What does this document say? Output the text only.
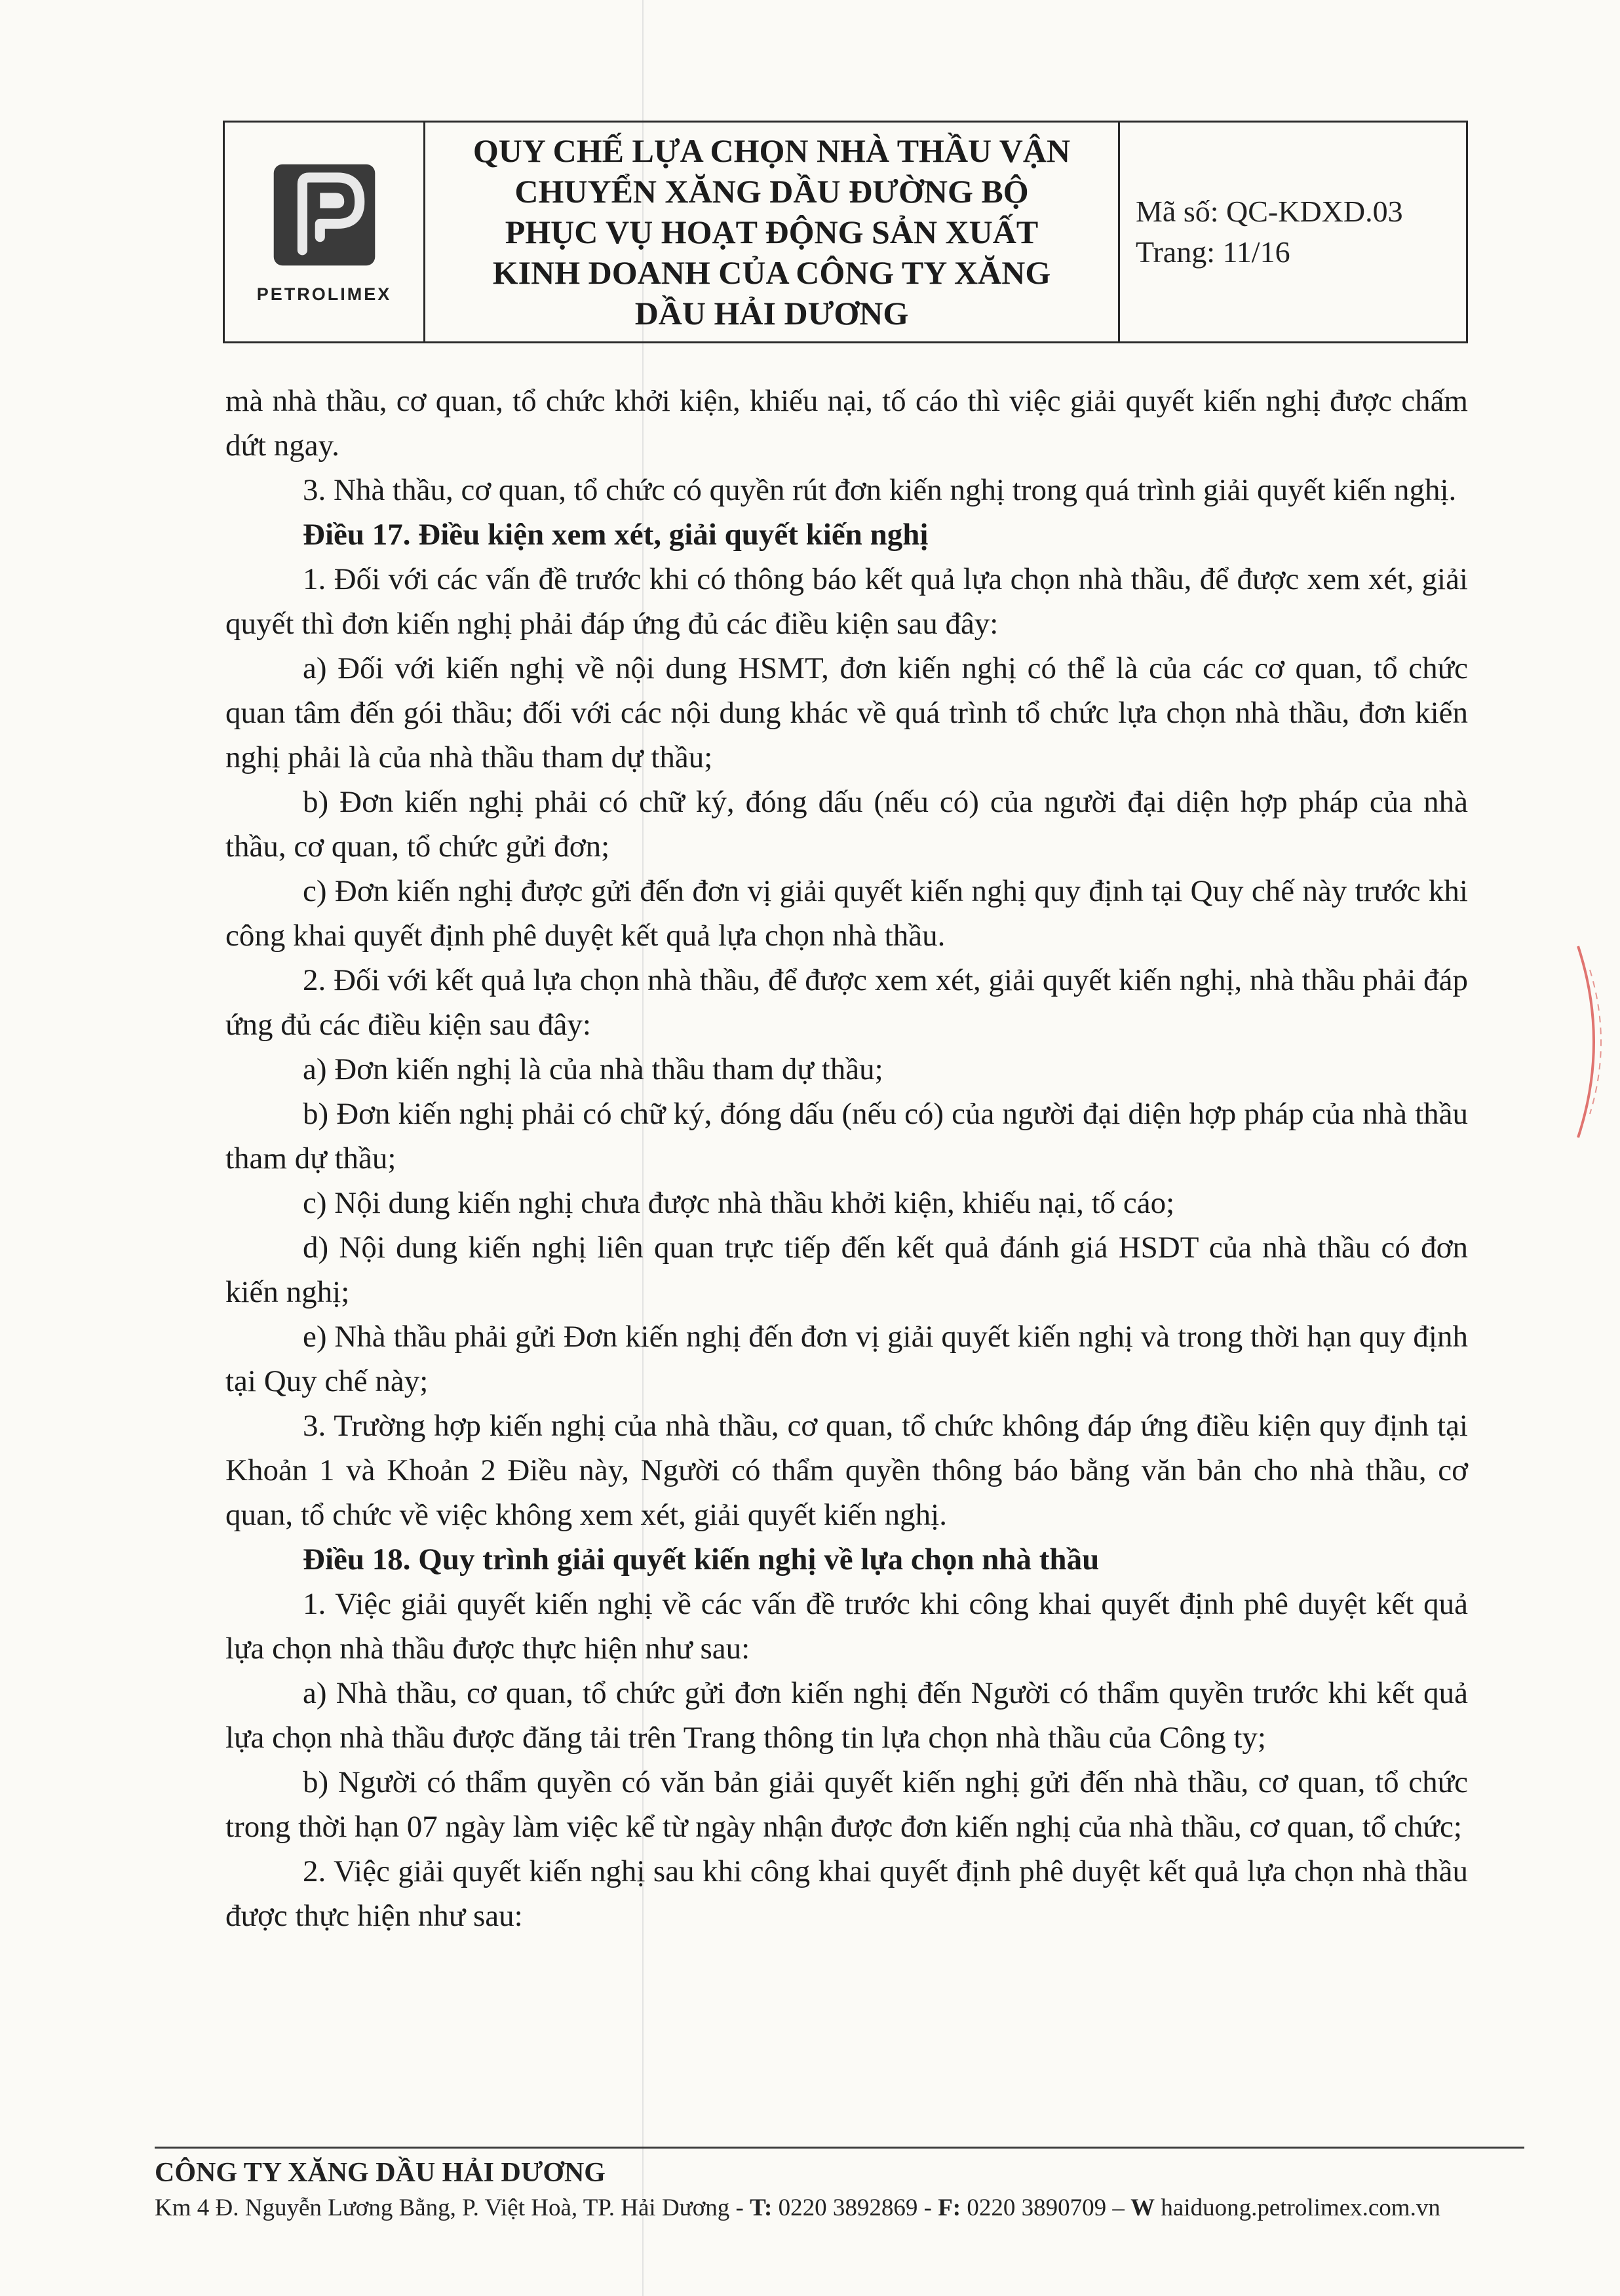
PETROLIMEX
QUY CHẾ LỰA CHỌN NHÀ THẦU VẬN
CHUYỂN XĂNG DẦU ĐƯỜNG BỘ
PHỤC VỤ HOẠT ĐỘNG SẢN XUẤT
KINH DOANH CỦA CÔNG TY XĂNG
DẦU HẢI DƯƠNG
Mã số: QC-KDXD.03
Trang: 11/16

mà nhà thầu, cơ quan, tổ chức khởi kiện, khiếu nại, tố cáo thì việc giải quyết kiến nghị được chấm dứt ngay.

3. Nhà thầu, cơ quan, tổ chức có quyền rút đơn kiến nghị trong quá trình giải quyết kiến nghị.

Điều 17. Điều kiện xem xét, giải quyết kiến nghị

1. Đối với các vấn đề trước khi có thông báo kết quả lựa chọn nhà thầu, để được xem xét, giải quyết thì đơn kiến nghị phải đáp ứng đủ các điều kiện sau đây:

a) Đối với kiến nghị về nội dung HSMT, đơn kiến nghị có thể là của các cơ quan, tổ chức quan tâm đến gói thầu; đối với các nội dung khác về quá trình tổ chức lựa chọn nhà thầu, đơn kiến nghị phải là của nhà thầu tham dự thầu;

b) Đơn kiến nghị phải có chữ ký, đóng dấu (nếu có) của người đại diện hợp pháp của nhà thầu, cơ quan, tổ chức gửi đơn;

c) Đơn kiến nghị được gửi đến đơn vị giải quyết kiến nghị quy định tại Quy chế này trước khi công khai quyết định phê duyệt kết quả lựa chọn nhà thầu.

2. Đối với kết quả lựa chọn nhà thầu, để được xem xét, giải quyết kiến nghị, nhà thầu phải đáp ứng đủ các điều kiện sau đây:

a) Đơn kiến nghị là của nhà thầu tham dự thầu;

b) Đơn kiến nghị phải có chữ ký, đóng dấu (nếu có) của người đại diện hợp pháp của nhà thầu tham dự thầu;

c) Nội dung kiến nghị chưa được nhà thầu khởi kiện, khiếu nại, tố cáo;

d) Nội dung kiến nghị liên quan trực tiếp đến kết quả đánh giá HSDT của nhà thầu có đơn kiến nghị;

e) Nhà thầu phải gửi Đơn kiến nghị đến đơn vị giải quyết kiến nghị và trong thời hạn quy định tại Quy chế này;

3. Trường hợp kiến nghị của nhà thầu, cơ quan, tổ chức không đáp ứng điều kiện quy định tại Khoản 1 và Khoản 2 Điều này, Người có thẩm quyền thông báo bằng văn bản cho nhà thầu, cơ quan, tổ chức về việc không xem xét, giải quyết kiến nghị.

Điều 18. Quy trình giải quyết kiến nghị về lựa chọn nhà thầu

1. Việc giải quyết kiến nghị về các vấn đề trước khi công khai quyết định phê duyệt kết quả lựa chọn nhà thầu được thực hiện như sau:

a) Nhà thầu, cơ quan, tổ chức gửi đơn kiến nghị đến Người có thẩm quyền trước khi kết quả lựa chọn nhà thầu được đăng tải trên Trang thông tin lựa chọn nhà thầu của Công ty;

b) Người có thẩm quyền có văn bản giải quyết kiến nghị gửi đến nhà thầu, cơ quan, tổ chức trong thời hạn 07 ngày làm việc kể từ ngày nhận được đơn kiến nghị của nhà thầu, cơ quan, tổ chức;

2. Việc giải quyết kiến nghị sau khi công khai quyết định phê duyệt kết quả lựa chọn nhà thầu được thực hiện như sau:

CÔNG TY XĂNG DẦU HẢI DƯƠNG
Km 4 Đ. Nguyễn Lương Bằng, P. Việt Hoà, TP. Hải Dương - T: 0220 3892869 - F: 0220 3890709 – W haiduong.petrolimex.com.vn
